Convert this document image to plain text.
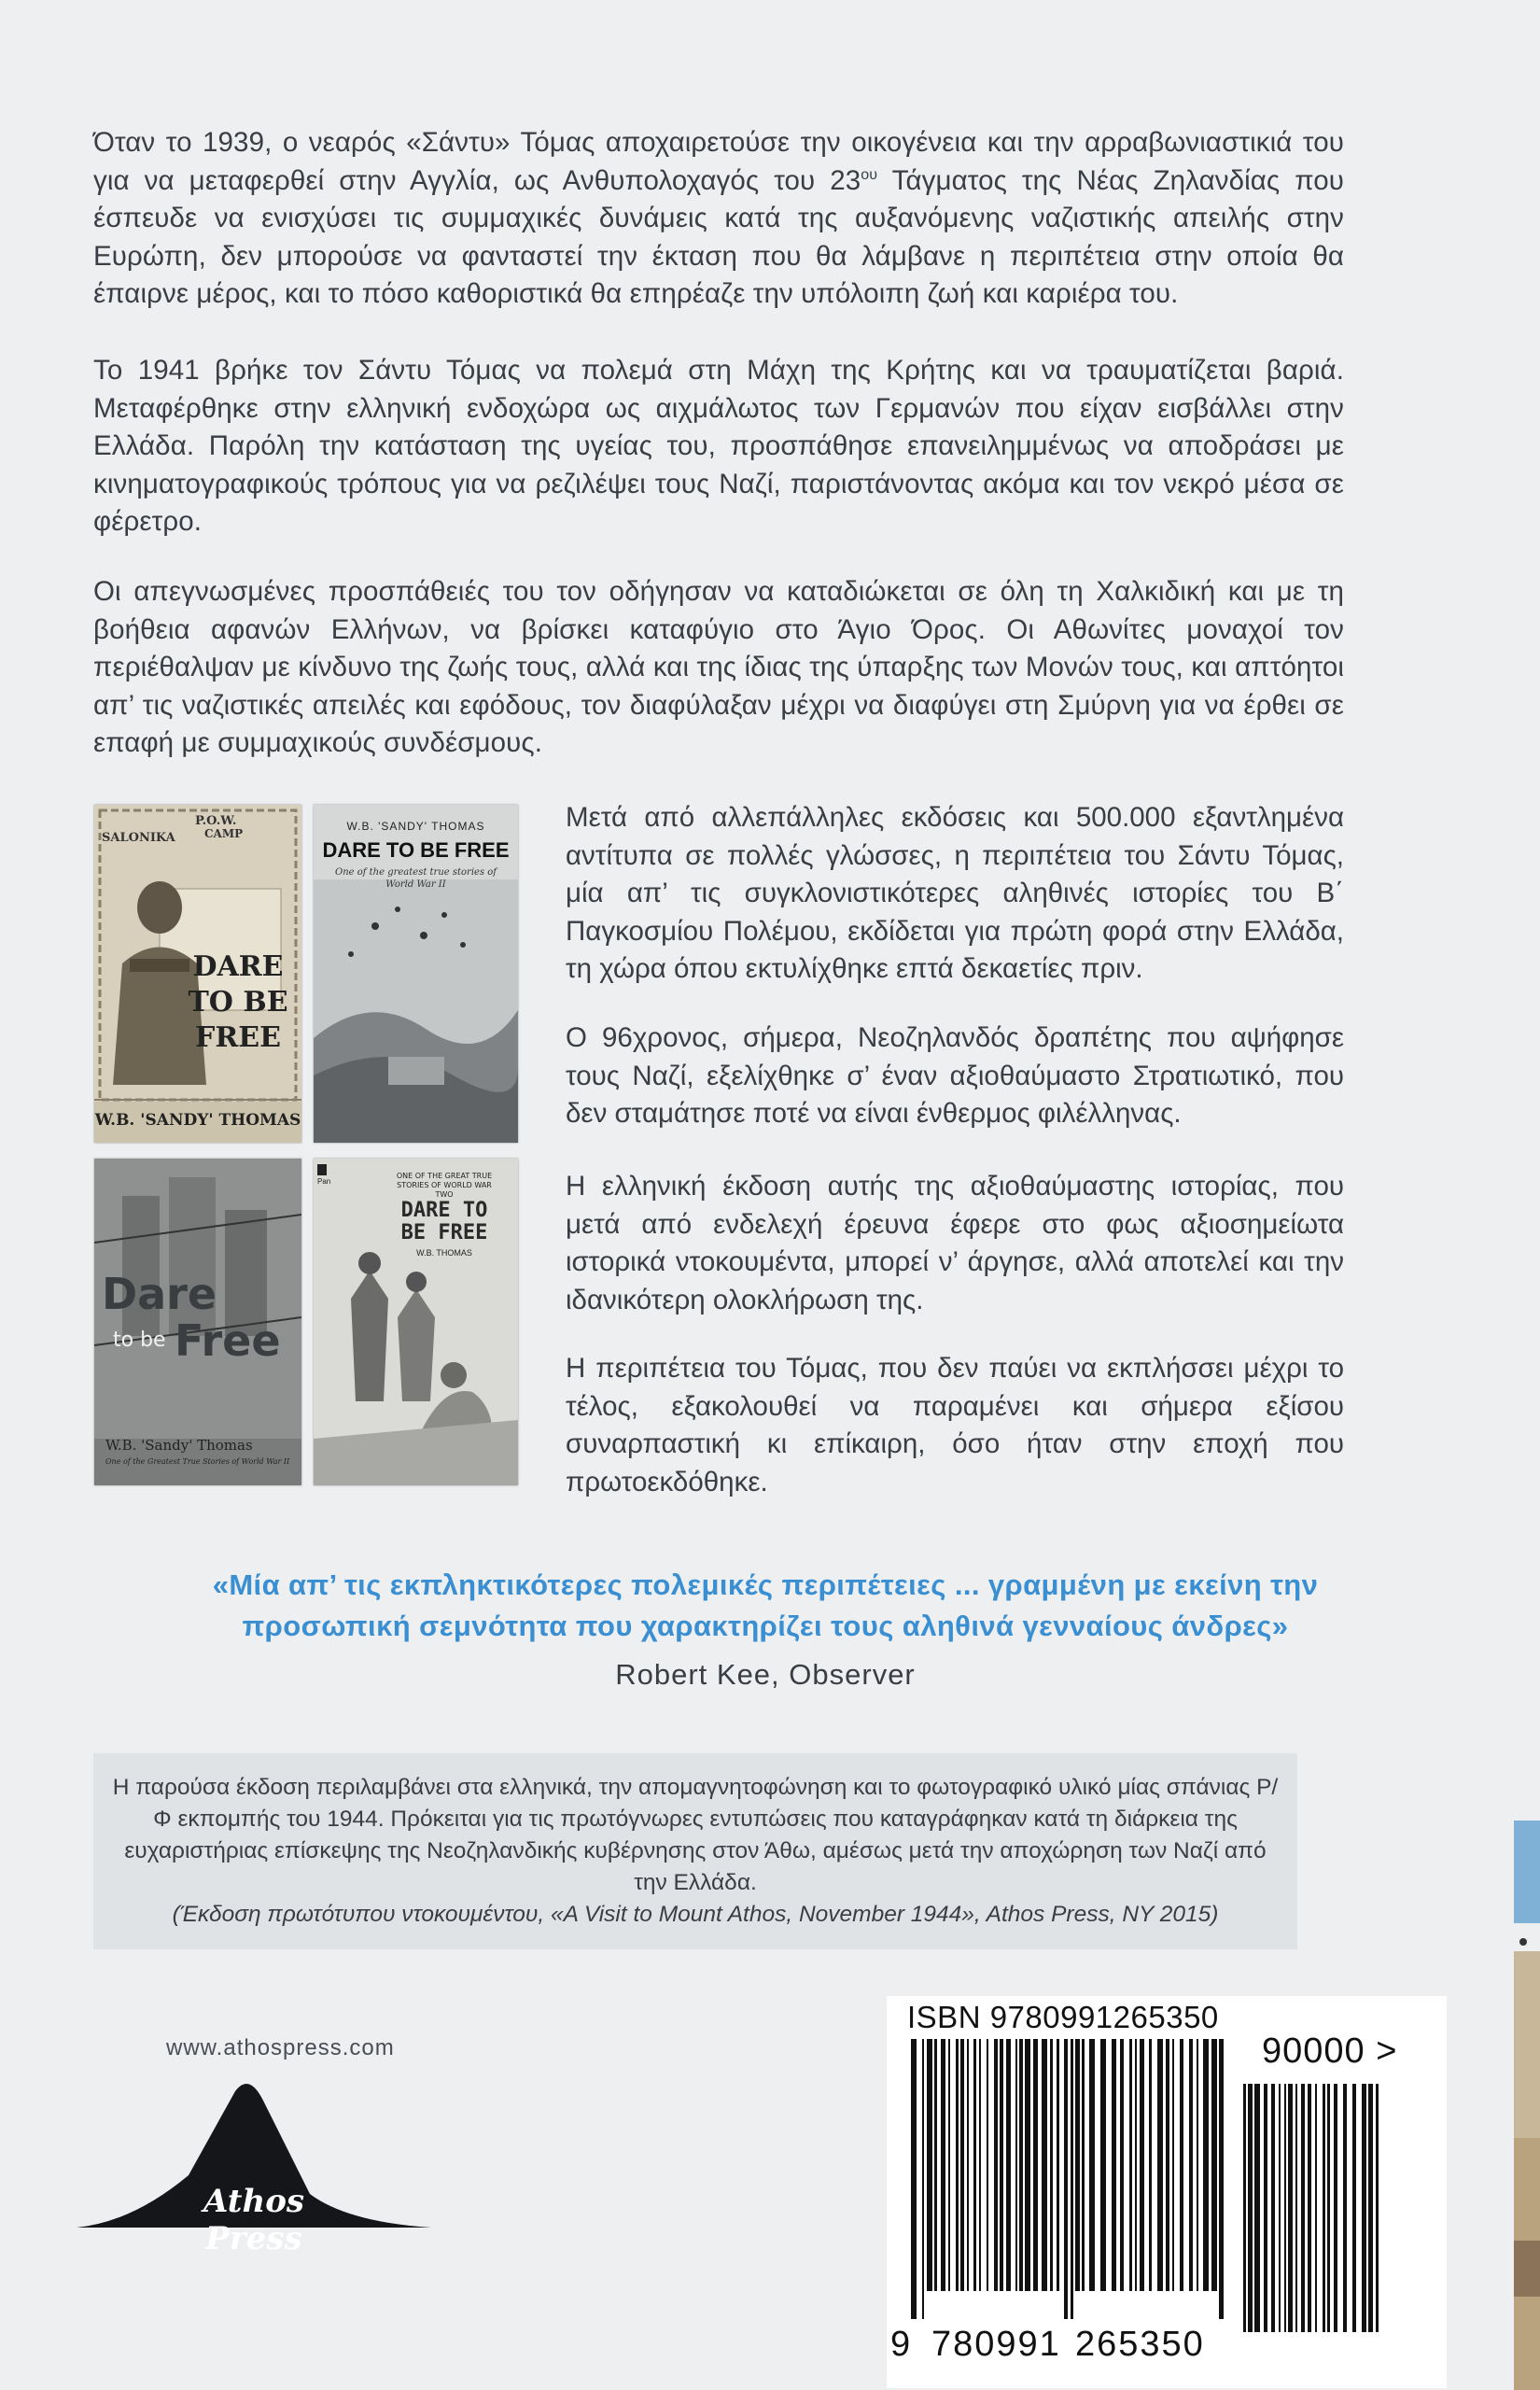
Όταν το 1939, ο νεαρός «Σάντυ» Τόμας αποχαιρετούσε την οικογένεια και την αρραβωνιαστικιά του για να μεταφερθεί στην Αγγλία, ως Ανθυπολοχαγός του $23^{o\upsilon}$ Τάγματος της Νέας Ζηλανδίας που έσπευδε να ενισχύσει τις συμμαχικές δυνάμεις κατά της αυξανόμενης ναζιστικής απειλής στην Ευρώπη, δεν μπορούσε να φανταστεί την έκταση που θα λάμβανε η περιπέτεια στην οποία θα έπαιρνε μέρος, και το πόσο καθοριστικά θα επηρέαζε την υπόλοιπη ζωή και καριέρα του.

Το 1941 βρήκε τον Σάντυ Τόμας να πολεμά στη Μάχη της Κρήτης και να τραυματίζεται βαριά. Μεταφέρθηκε στην ελληνική ενδοχώρα ως αιχμάλωτος των Γερμανών που είχαν εισβάλλει στην Ελλάδα. Παρόλη την κατάσταση της υγείας του, προσπάθησε επανειλημμένως να αποδράσει με κινηματογραφικούς τρόπους για να ρεζιλέψει τους Ναζί, παριστάνοντας ακόμα και τον νεκρό μέσα σε φέρετρο.

Οι απεγνωσμένες προσπάθειές του τον οδήγησαν να καταδιώκεται σε όλη τη Χαλκιδική και με τη βοήθεια αφανών Ελλήνων, να βρίσκει καταφύγιο στο Άγιο Όρος. Οι Αθωνίτες μοναχοί τον περιέθαλψαν με κίνδυνο της ζωής τους, αλλά και της ίδιας της ύπαρξης των Μονών τους, και απτόητοι απ’ τις ναζιστικές απειλές και εφόδους, τον διαφύλαξαν μέχρι να διαφύγει στη Σμύρνη για να έρθει σε επαφή με συμμαχικούς συνδέσμους.

SALONIKA
P.O.W.
CAMP
DARE
TO BE
FREE
W.B. 'SANDY' THOMAS
W.B. 'SANDY' THOMAS
DARE TO BE FREE
One of the greatest true stories of World War II
Dare
to be Free
W.B. 'Sandy' Thomas
One of the Greatest True Stories of World War II
Pan
ONE OF THE GREAT TRUE STORIES OF WORLD WAR TWO
DARE TO
BE FREE
W.B. THOMAS

Μετά από αλλεπάλληλες εκδόσεις και 500.000 εξαντλημένα αντίτυπα σε πολλές γλώσσες, η περιπέτεια του Σάντυ Τόμας, μία απ’ τις συγκλονιστικότερες αληθινές ιστορίες του Β΄ Παγκοσμίου Πολέμου, εκδίδεται για πρώτη φορά στην Ελλάδα, τη χώρα όπου εκτυλίχθηκε επτά δεκαετίες πριν.

Ο 96χρονος, σήμερα, Νεοζηλανδός δραπέτης που αψήφησε τους Ναζί, εξελίχθηκε σ’ έναν αξιοθαύμαστο Στρατιωτικό, που δεν σταμάτησε ποτέ να είναι ένθερμος φιλέλληνας.

Η ελληνική έκδοση αυτής της αξιοθαύμαστης ιστορίας, που μετά από ενδελεχή έρευνα έφερε στο φως αξιοσημείωτα ιστορικά ντοκουμέντα, μπορεί ν’ άργησε, αλλά αποτελεί και την ιδανικότερη ολοκλήρωση της.

Η περιπέτεια του Τόμας, που δεν παύει να εκπλήσσει μέχρι το τέλος, εξακολουθεί να παραμένει και σήμερα εξίσου συναρπαστική κι επίκαιρη, όσο ήταν στην εποχή που πρωτοεκδόθηκε.

«Μία απ’ τις εκπληκτικότερες πολεμικές περιπέτειες ... γραμμένη με εκείνη την
προσωπική σεμνότητα που χαρακτηρίζει τους αληθινά γενναίους άνδρες»
Robert Kee, Observer

Η παρούσα έκδοση περιλαμβάνει στα ελληνικά, την απομαγνητοφώνηση και το φωτογραφικό υλικό μίας σπάνιας Ρ/Φ εκπομπής του 1944. Πρόκειται για τις πρωτόγνωρες εντυπώσεις που καταγράφηκαν κατά τη διάρκεια της ευχαριστήριας επίσκεψης της Νεοζηλανδικής κυβέρνησης στον Άθω, αμέσως μετά την αποχώρηση των Ναζί από την Ελλάδα.

(Έκδοση πρωτότυπου ντοκουμέντου, «A Visit to Mount Athos, November 1944», Athos Press, NY 2015)

Athos Press
www.athospress.com
ISBN 9780991265350
90000 >
9 780991 265350
